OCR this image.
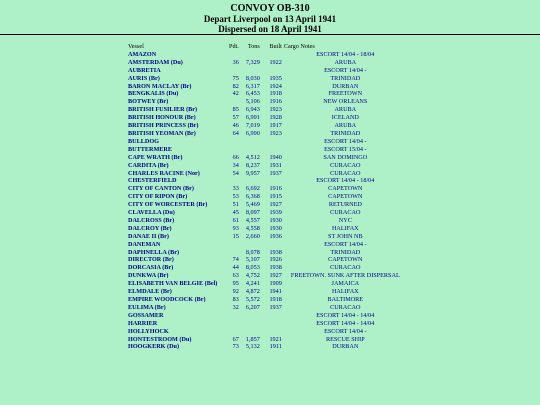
CONVOY OB-310
Depart Liverpool on 13 April 1941
Dispersed on 18 April 1941
Vessel	Pdt.	Tons	Built	Cargo Notes
AMAZON				ESCORT 14/04 - 18/04
AMSTERDAM (Du)	36	7,329	1922	ARUBA
AUBRETIA				ESCORT 14/04 -
AURIS (Br)	75	8,030	1935	TRINIDAD
BARON MACLAY (Br)	82	6,317	1924	DURBAN
BENGKALIS (Du)	42	6,453	1918	FREETOWN
BOTWEY (Br)		5,106	1916	NEW ORLEANS
BRITISH FUSILIER (Br)	85	6,943	1923	ARUBA
BRITISH HONOUR (Br)	57	6,991	1928	ICELAND
BRITISH PRINCESS (Br)	46	7,019	1917	ARUBA
BRITISH YEOMAN (Br)	64	6,990	1923	TRINIDAD
BULLDOG				ESCORT 14/04 -
BUTTERMERE				ESCORT 15/04 -
CAPE WRATH (Br)	66	4,512	1940	SAN DOMINGO
CARDITA (Br)	34	8,237	1931	CURACAO
CHARLES RACINE (Nor)	54	9,957	1937	CURACAO
CHESTERFIELD				ESCORT 14/04 - 18/04
CITY OF CANTON (Br)	33	6,692	1916	CAPETOWN
CITY OF RIPON (Br)	53	6,368	1915	CAPETOWN
CITY OF WORCESTER (Br)	51	5,469	1927	RETURNED
CLAVELLA (Du)	45	8,097	1939	CURACAO
DALCROSS (Br)	61	4,557	1930	NYC
DALCROY (Br)	93	4,558	1930	HALIFAX
DANAE II (Br)	15	2,660	1936	ST JOHN NB
DANEMAN				ESCORT 14/04 -
DAPHNELLA (Br)		8,078	1938	TRINIDAD
DIRECTOR (Br)	74	5,107	1926	CAPETOWN
DORCASIA (Br)	44	8,053	1938	CURACAO
DUNKWA (Br)	63	4,752	1927	FREETOWN. SUNK AFTER DISPERSAL
ELISABETH VAN BELGIE (Bel)	95	4,241	1909	JAMAICA
ELMDALE (Br)	92	4,872	1941	HALIFAX
EMPIRE WOODCOCK (Br)	83	5,572	1918	BALTIMORE
EULIMA (Br)	32	6,207	1937	CURACAO
GOSSAMER				ESCORT 14/04 - 14/04
HARRIER				ESCORT 14/04 - 14/04
HOLLYHOCK				ESCORT 14/04 -
HONTESTROOM (Du)	67	1,857	1921	RESCUE SHIP
HOOGKERK (Du)	73	5,132	1911	DURBAN
